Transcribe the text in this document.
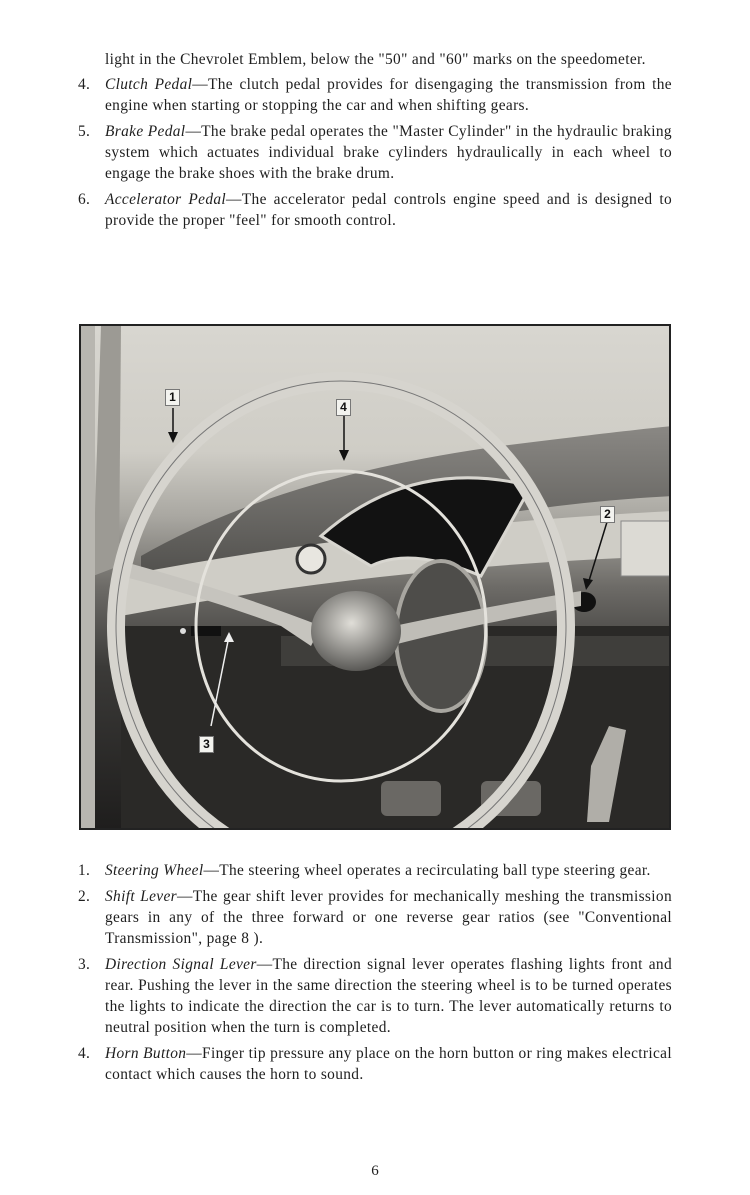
light in the Chevrolet Emblem, below the "50" and "60" marks on the speedometer.

4. Clutch Pedal—The clutch pedal provides for disengaging the transmission from the engine when starting or stopping the car and when shifting gears.
5. Brake Pedal—The brake pedal operates the "Master Cylinder" in the hydraulic braking system which actuates individual brake cylinders hydraulically in each wheel to engage the brake shoes with the brake drum.
6. Accelerator Pedal—The accelerator pedal controls engine speed and is designed to provide the proper "feel" for smooth control.
1
4
2
3
1. Steering Wheel—The steering wheel operates a recirculating ball type steering gear.
2. Shift Lever—The gear shift lever provides for mechanically meshing the transmission gears in any of the three forward or one reverse gear ratios (see "Conventional Transmission", page 8 ).
3. Direction Signal Lever—The direction signal lever operates flashing lights front and rear. Pushing the lever in the same direction the steering wheel is to be turned operates the lights to indicate the direction the car is to turn. The lever automatically returns to neutral position when the turn is completed.
4. Horn Button—Finger tip pressure any place on the horn button or ring makes electrical contact which causes the horn to sound.
6
